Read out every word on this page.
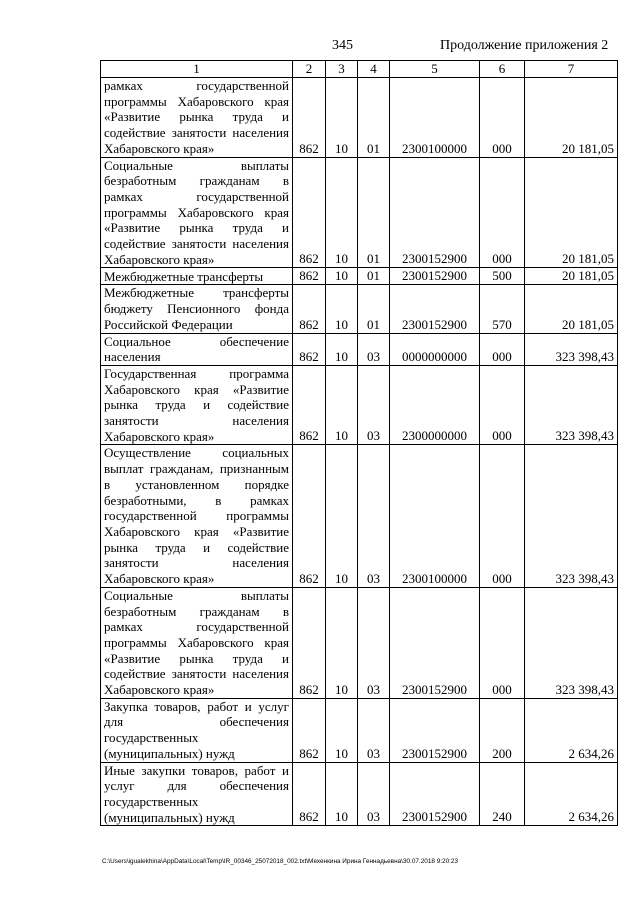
345	Продолжение приложения 2
1	2	3	4	5	6	7
рамках государственной программы Хабаровского края «Развитие рынка труда и содействие занятости населения Хабаровского края»	862	10	01	2300100000	000	20 181,05
Социальные выплаты безработным гражданам в рамках государственной программы Хабаровского края «Развитие рынка труда и содействие занятости населения Хабаровского края»	862	10	01	2300152900	000	20 181,05
Межбюджетные трансферты	862	10	01	2300152900	500	20 181,05
Межбюджетные трансферты бюджету Пенсионного фонда Российской Федерации	862	10	01	2300152900	570	20 181,05
Социальное обеспечение населения	862	10	03	0000000000	000	323 398,43
Государственная программа Хабаровского края «Развитие рынка труда и содействие занятости населения Хабаровского края»	862	10	03	2300000000	000	323 398,43
Осуществление социальных выплат гражданам, признанным в установленном порядке безработными, в рамках государственной программы Хабаровского края «Развитие рынка труда и содействие занятости населения Хабаровского края»	862	10	03	2300100000	000	323 398,43
Социальные выплаты безработным гражданам в рамках государственной программы Хабаровского края «Развитие рынка труда и содействие занятости населения Хабаровского края»	862	10	03	2300152900	000	323 398,43
Закупка товаров, работ и услуг для обеспечения государственных (муниципальных) нужд	862	10	03	2300152900	200	2 634,26
Иные закупки товаров, работ и услуг для обеспечения государственных (муниципальных) нужд	862	10	03	2300152900	240	2 634,26
C:\Users\igualekhina\AppData\Local\Temp\IR_00346_25072018_002.txt\Мехенкина Ирина Геннадьевна\30.07.2018 9:20:23
